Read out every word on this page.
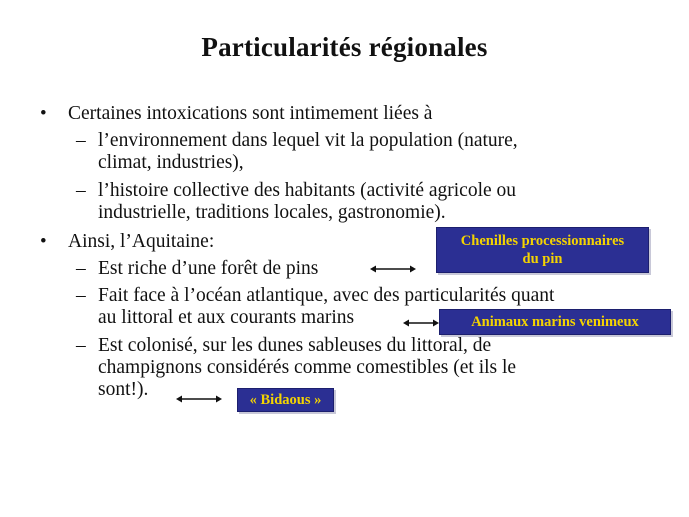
Particularités régionales
• Certaines intoxications sont intimement liées à
– l’environnement dans lequel vit la population (nature,
climat, industries),
– l’histoire collective des habitants (activité agricole ou
industrielle, traditions locales, gastronomie).
• Ainsi, l’Aquitaine:
– Est riche d’une forêt de pins
– Fait face à l’océan atlantique, avec des particularités quant
au littoral et aux courants marins
– Est colonisé, sur les dunes sableuses du littoral, de
champignons considérés comme comestibles (et ils le
sont!).
Chenilles processionnaires
du pin
Animaux marins venimeux
« Bidaous »
